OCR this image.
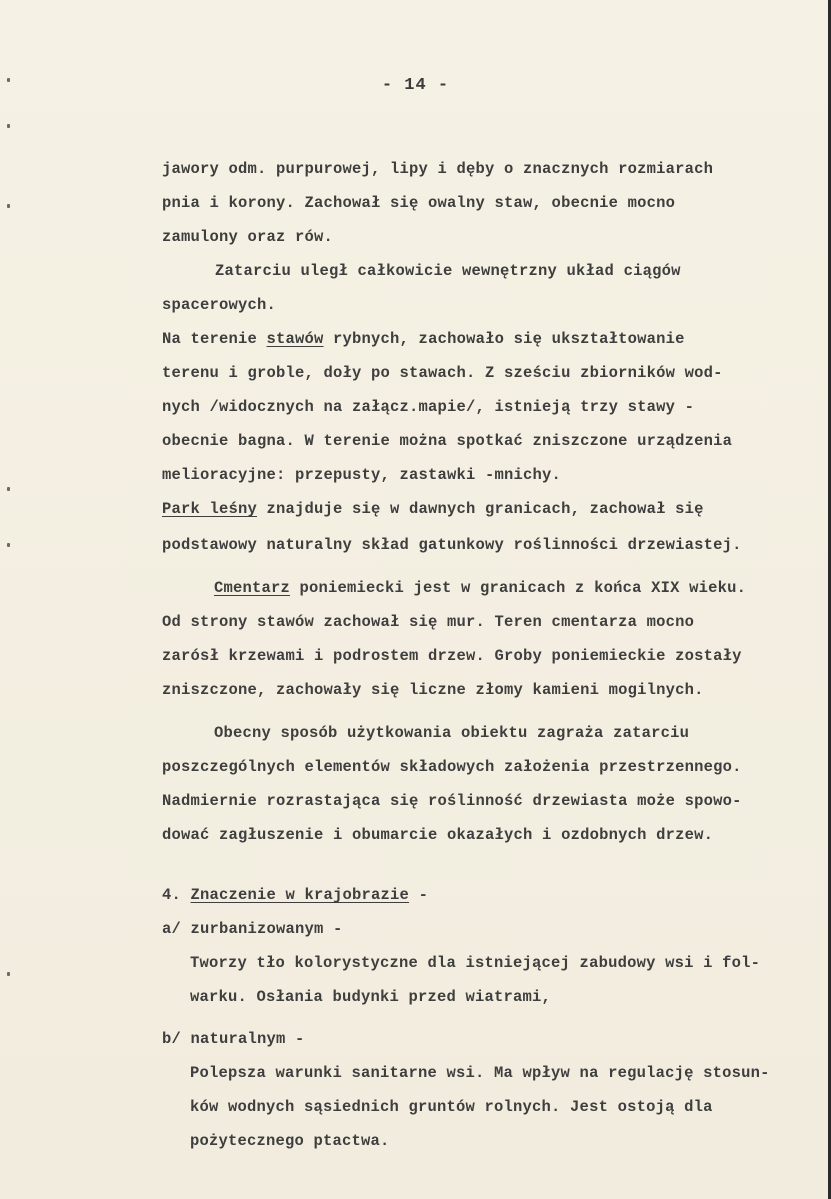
- 14 -
jawory odm. purpurowej, lipy i dęby o znacznych rozmiarach
pnia i korony. Zachował się owalny staw, obecnie mocno
zamulony oraz rów.
Zatarciu uległ całkowicie wewnętrzny układ ciągów
spacerowych.
Na terenie stawów rybnych, zachowało się ukształtowanie
terenu i groble, doły po stawach. Z sześciu zbiorników wod-
nych /widocznych na załącz.mapie/, istnieją trzy stawy -
obecnie bagna. W terenie można spotkać zniszczone urządzenia
melioracyjne: przepusty, zastawki -mnichy.
Park leśny znajduje się w dawnych granicach, zachował się
podstawowy naturalny skład gatunkowy roślinności drzewiastej.
Cmentarz poniemiecki jest w granicach z końca XIX wieku.
Od strony stawów zachował się mur. Teren cmentarza mocno
zarósł krzewami i podrostem drzew. Groby poniemieckie zostały
zniszczone, zachowały się liczne złomy kamieni mogilnych.
Obecny sposób użytkowania obiektu zagraża zatarciu
poszczególnych elementów składowych założenia przestrzennego.
Nadmiernie rozrastająca się roślinność drzewiasta może spowo-
dować zagłuszenie i obumarcie okazałych i ozdobnych drzew.
4. Znaczenie w krajobrazie -
a/ zurbanizowanym -
Tworzy tło kolorystyczne dla istniejącej zabudowy wsi i fol-
warku. Osłania budynki przed wiatrami,
b/ naturalnym -
Polepsza warunki sanitarne wsi. Ma wpływ na regulację stosun-
ków wodnych sąsiednich gruntów rolnych. Jest ostoją dla
pożytecznego ptactwa.
